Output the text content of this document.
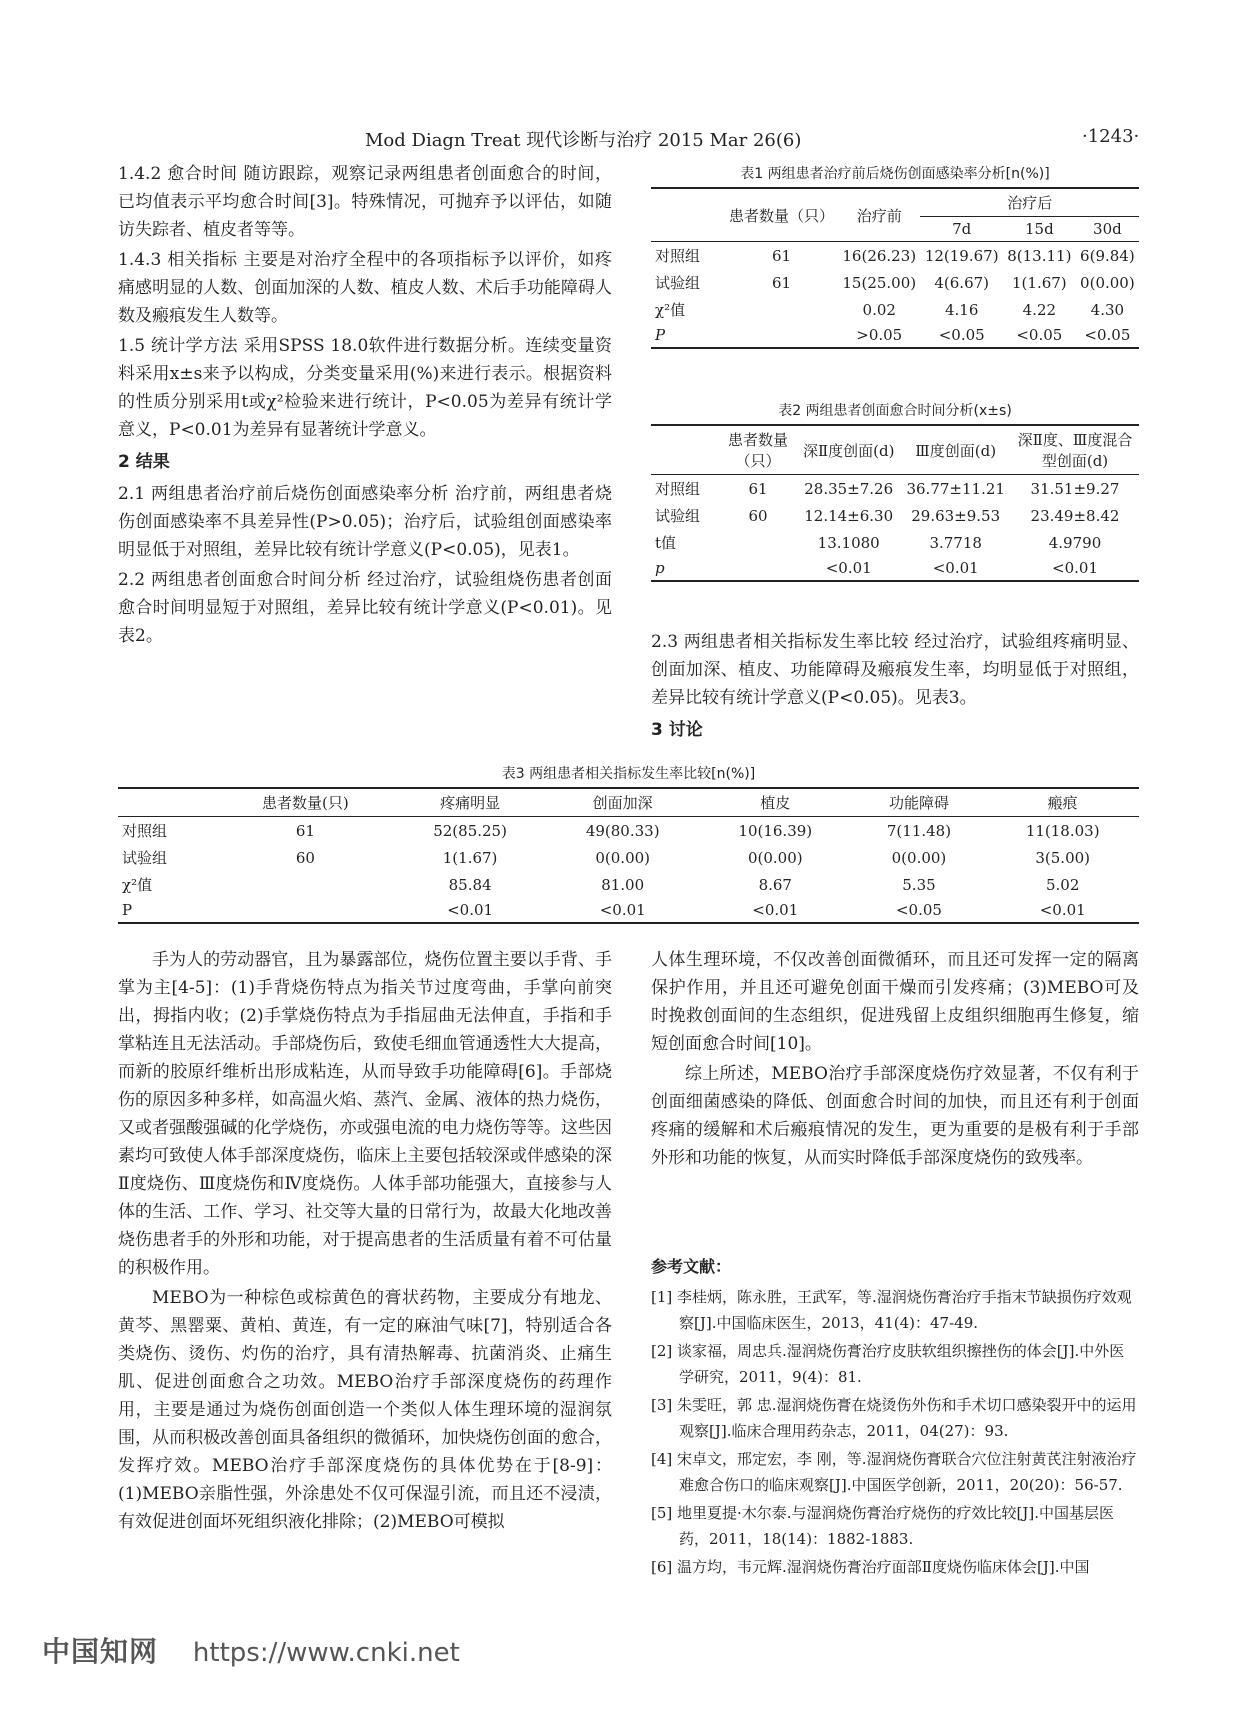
Mod Diagn Treat 现代诊断与治疗 2015 Mar 26(6)	·1243·

1.4.2 愈合时间 随访跟踪，观察记录两组患者创面愈合的时间，已均值表示平均愈合时间[3]。特殊情况，可抛弃予以评估，如随访失踪者、植皮者等等。

1.4.3 相关指标 主要是对治疗全程中的各项指标予以评价，如疼痛感明显的人数、创面加深的人数、植皮人数、术后手功能障碍人数及瘢痕发生人数等。

1.5 统计学方法 采用SPSS 18.0软件进行数据分析。连续变量资料采用x±s来予以构成，分类变量采用(%)来进行表示。根据资料的性质分别采用t或χ²检验来进行统计，P<0.05为差异有统计学意义，P<0.01为差异有显著统计学意义。

2 结果

2.1 两组患者治疗前后烧伤创面感染率分析 治疗前，两组患者烧伤创面感染率不具差异性(P>0.05)；治疗后，试验组创面感染率明显低于对照组，差异比较有统计学意义(P<0.05)，见表1。

2.2 两组患者创面愈合时间分析 经过治疗，试验组烧伤患者创面愈合时间明显短于对照组，差异比较有统计学意义(P<0.01)。见表2。

表1 两组患者治疗前后烧伤创面感染率分析[n(%)]
	患者数量（只）	治疗前	治疗后		
			7d	15d	30d
对照组	61	16(26.23)	12(19.67)	8(13.11)	6(9.84)
试验组	61	15(25.00)	4(6.67)	1(1.67)	0(0.00)
χ²值		0.02	4.16	4.22	4.30
P		>0.05	<0.05	<0.05	<0.05
表2 两组患者创面愈合时间分析(x±s)
	患者数量（只）	深Ⅱ度创面(d)	Ⅲ度创面(d)	深Ⅱ度、Ⅲ度混合型创面(d)
对照组	61	28.35±7.26	36.77±11.21	31.51±9.27
试验组	60	12.14±6.30	29.63±9.53	23.49±8.42
t值		13.1080	3.7718	4.9790
p		<0.01	<0.01	<0.01

2.3 两组患者相关指标发生率比较 经过治疗，试验组疼痛明显、创面加深、植皮、功能障碍及瘢痕发生率，均明显低于对照组，差异比较有统计学意义(P<0.05)。见表3。

3 讨论

表3 两组患者相关指标发生率比较[n(%)]
	患者数量(只)	疼痛明显	创面加深	植皮	功能障碍	瘢痕
对照组	61	52(85.25)	49(80.33)	10(16.39)	7(11.48)	11(18.03)
试验组	60	1(1.67)	0(0.00)	0(0.00)	0(0.00)	3(5.00)
χ²值		85.84	81.00	8.67	5.35	5.02
P		<0.01	<0.01	<0.01	<0.05	<0.01

手为人的劳动器官，且为暴露部位，烧伤位置主要以手背、手掌为主[4-5]：(1)手背烧伤特点为指关节过度弯曲，手掌向前突出，拇指内收；(2)手掌烧伤特点为手指屈曲无法伸直，手指和手掌粘连且无法活动。手部烧伤后，致使毛细血管通透性大大提高，而新的胶原纤维析出形成粘连，从而导致手功能障碍[6]。手部烧伤的原因多种多样，如高温火焰、蒸汽、金属、液体的热力烧伤，又或者强酸强碱的化学烧伤，亦或强电流的电力烧伤等等。这些因素均可致使人体手部深度烧伤，临床上主要包括较深或伴感染的深Ⅱ度烧伤、Ⅲ度烧伤和Ⅳ度烧伤。人体手部功能强大，直接参与人体的生活、工作、学习、社交等大量的日常行为，故最大化地改善烧伤患者手的外形和功能，对于提高患者的生活质量有着不可估量的积极作用。

MEBO为一种棕色或棕黄色的膏状药物，主要成分有地龙、黄芩、黑罂粟、黄柏、黄连，有一定的麻油气味[7]，特别适合各类烧伤、烫伤、灼伤的治疗，具有清热解毒、抗菌消炎、止痛生肌、促进创面愈合之功效。MEBO治疗手部深度烧伤的药理作用，主要是通过为烧伤创面创造一个类似人体生理环境的湿润氛围，从而积极改善创面具备组织的微循环，加快烧伤创面的愈合，发挥疗效。MEBO治疗手部深度烧伤的具体优势在于[8-9]：(1)MEBO亲脂性强，外涂患处不仅可保湿引流，而且还不浸渍，有效促进创面坏死组织液化排除；(2)MEBO可模拟

人体生理环境，不仅改善创面微循环，而且还可发挥一定的隔离保护作用，并且还可避免创面干燥而引发疼痛；(3)MEBO可及时挽救创面间的生态组织，促进残留上皮组织细胞再生修复，缩短创面愈合时间[10]。

综上所述，MEBO治疗手部深度烧伤疗效显著，不仅有利于创面细菌感染的降低、创面愈合时间的加快，而且还有利于创面疼痛的缓解和术后瘢痕情况的发生，更为重要的是极有利于手部外形和功能的恢复，从而实时降低手部深度烧伤的致残率。

参考文献：

[1] 李桂炳，陈永胜，王武军，等.湿润烧伤膏治疗手指末节缺损伤疗效观察[J].中国临床医生，2013，41(4)：47-49.

[2] 谈家福，周忠兵.湿润烧伤膏治疗皮肤软组织擦挫伤的体会[J].中外医学研究，2011，9(4)：81.

[3] 朱雯旺，郭 忠.湿润烧伤膏在烧烫伤外伤和手术切口感染裂开中的运用观察[J].临床合理用药杂志，2011，04(27)：93.

[4] 宋卓文，邢定宏，李 刚，等.湿润烧伤膏联合穴位注射黄芪注射液治疗难愈合伤口的临床观察[J].中国医学创新，2011，20(20)：56-57.

[5] 地里夏提·木尔泰.与湿润烧伤膏治疗烧伤的疗效比较[J].中国基层医药，2011，18(14)：1882-1883.

[6] 温方均，韦元辉.湿润烧伤膏治疗面部Ⅱ度烧伤临床体会[J].中国

中国知网 https://www.cnki.net
